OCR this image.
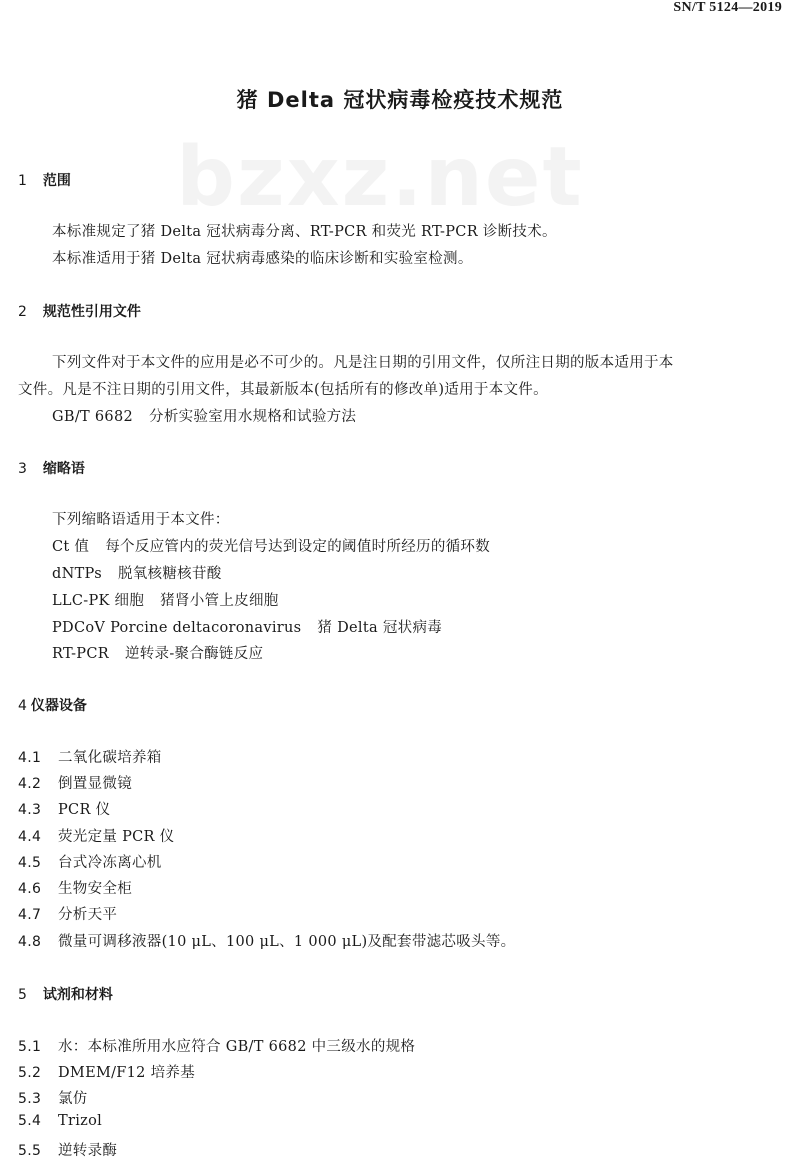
SN/T 5124—2019
猪 Delta 冠状病毒检疫技术规范
bzxz.net
1 范围
本标准规定了猪 Delta 冠状病毒分离、RT-PCR 和荧光 RT-PCR 诊断技术。
本标准适用于猪 Delta 冠状病毒感染的临床诊断和实验室检测。
2 规范性引用文件
下列文件对于本文件的应用是必不可少的。凡是注日期的引用文件，仅所注日期的版本适用于本
文件。凡是不注日期的引用文件，其最新版本(包括所有的修改单)适用于本文件。
GB/T 6682 分析实验室用水规格和试验方法
3 缩略语
下列缩略语适用于本文件：
Ct 值 每个反应管内的荧光信号达到设定的阈值时所经历的循环数
dNTPs 脱氧核糖核苷酸
LLC-PK 细胞 猪肾小管上皮细胞
PDCoV Porcine deltacoronavirus 猪 Delta 冠状病毒
RT-PCR 逆转录-聚合酶链反应
4 仪器设备
4.1 二氧化碳培养箱
4.2 倒置显微镜
4.3 PCR 仪
4.4 荧光定量 PCR 仪
4.5 台式冷冻离心机
4.6 生物安全柜
4.7 分析天平
4.8 微量可调移液器(10 μL、100 μL、1 000 μL)及配套带滤芯吸头等。
5 试剂和材料
5.1 水：本标准所用水应符合 GB/T 6682 中三级水的规格
5.2 DMEM/F12 培养基
5.3 氯仿
5.4 Trizol
5.5 逆转录酶
